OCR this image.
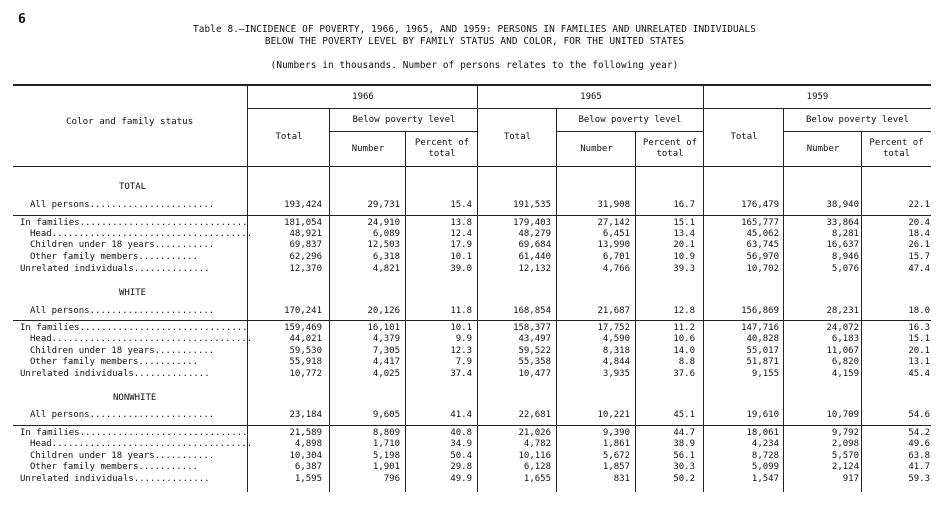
6
Table 8.—INCIDENCE OF POVERTY, 1966, 1965, AND 1959: PERSONS IN FAMILIES AND UNRELATED INDIVIDUALS
BELOW THE POVERTY LEVEL BY FAMILY STATUS AND COLOR, FOR THE UNITED STATES
(Numbers in thousands. Number of persons relates to the following year)
Color and family status
1966	1965	1959
Total	Total	Total
Below poverty level	Below poverty level	Below poverty level
Number	Number	Number
Percent of
total
Percent of
total
Percent of
total
TOTAL
All persons.......................	193,424	29,731	15.4	191,535	31,908	16.7	176,479	38,940	22.1
In families...............................	181,054	24,910	13.8	179,403	27,142	15.1	165,777	33,864	20.4
Head.....................................	48,921	6,089	12.4	48,279	6,451	13.4	45,062	8,281	18.4
Children under 18 years...........	69,837	12,503	17.9	69,684	13,990	20.1	63,745	16,637	26.1
Other family members...........	62,296	6,318	10.1	61,440	6,701	10.9	56,970	8,946	15.7
Unrelated individuals..............	12,370	4,821	39.0	12,132	4,766	39.3	10,702	5,076	47.4
WHITE
All persons.......................	170,241	20,126	11.8	168,854	21,687	12.8	156,869	28,231	18.0
In families...............................	159,469	16,101	10.1	158,377	17,752	11.2	147,716	24,072	16.3
Head.....................................	44,021	4,379	9.9	43,497	4,590	10.6	40,828	6,183	15.1
Children under 18 years...........	59,530	7,305	12.3	59,522	8,318	14.0	55,017	11,067	20.1
Other family members...........	55,918	4,417	7.9	55,358	4,844	8.8	51,871	6,820	13.1
Unrelated individuals..............	10,772	4,025	37.4	10,477	3,935	37.6	9,155	4,159	45.4
NONWHITE
All persons.......................	23,184	9,605	41.4	22,681	10,221	45.1	19,610	10,709	54.6
In families...............................	21,589	8,809	40.8	21,026	9,390	44.7	18,061	9,792	54.2
Head.....................................	4,898	1,710	34.9	4,782	1,861	38.9	4,234	2,098	49.6
Children under 18 years...........	10,304	5,198	50.4	10,116	5,672	56.1	8,728	5,570	63.8
Other family members...........	6,387	1,901	29.8	6,128	1,857	30.3	5,099	2,124	41.7
Unrelated individuals..............	1,595	796	49.9	1,655	831	50.2	1,547	917	59.3
